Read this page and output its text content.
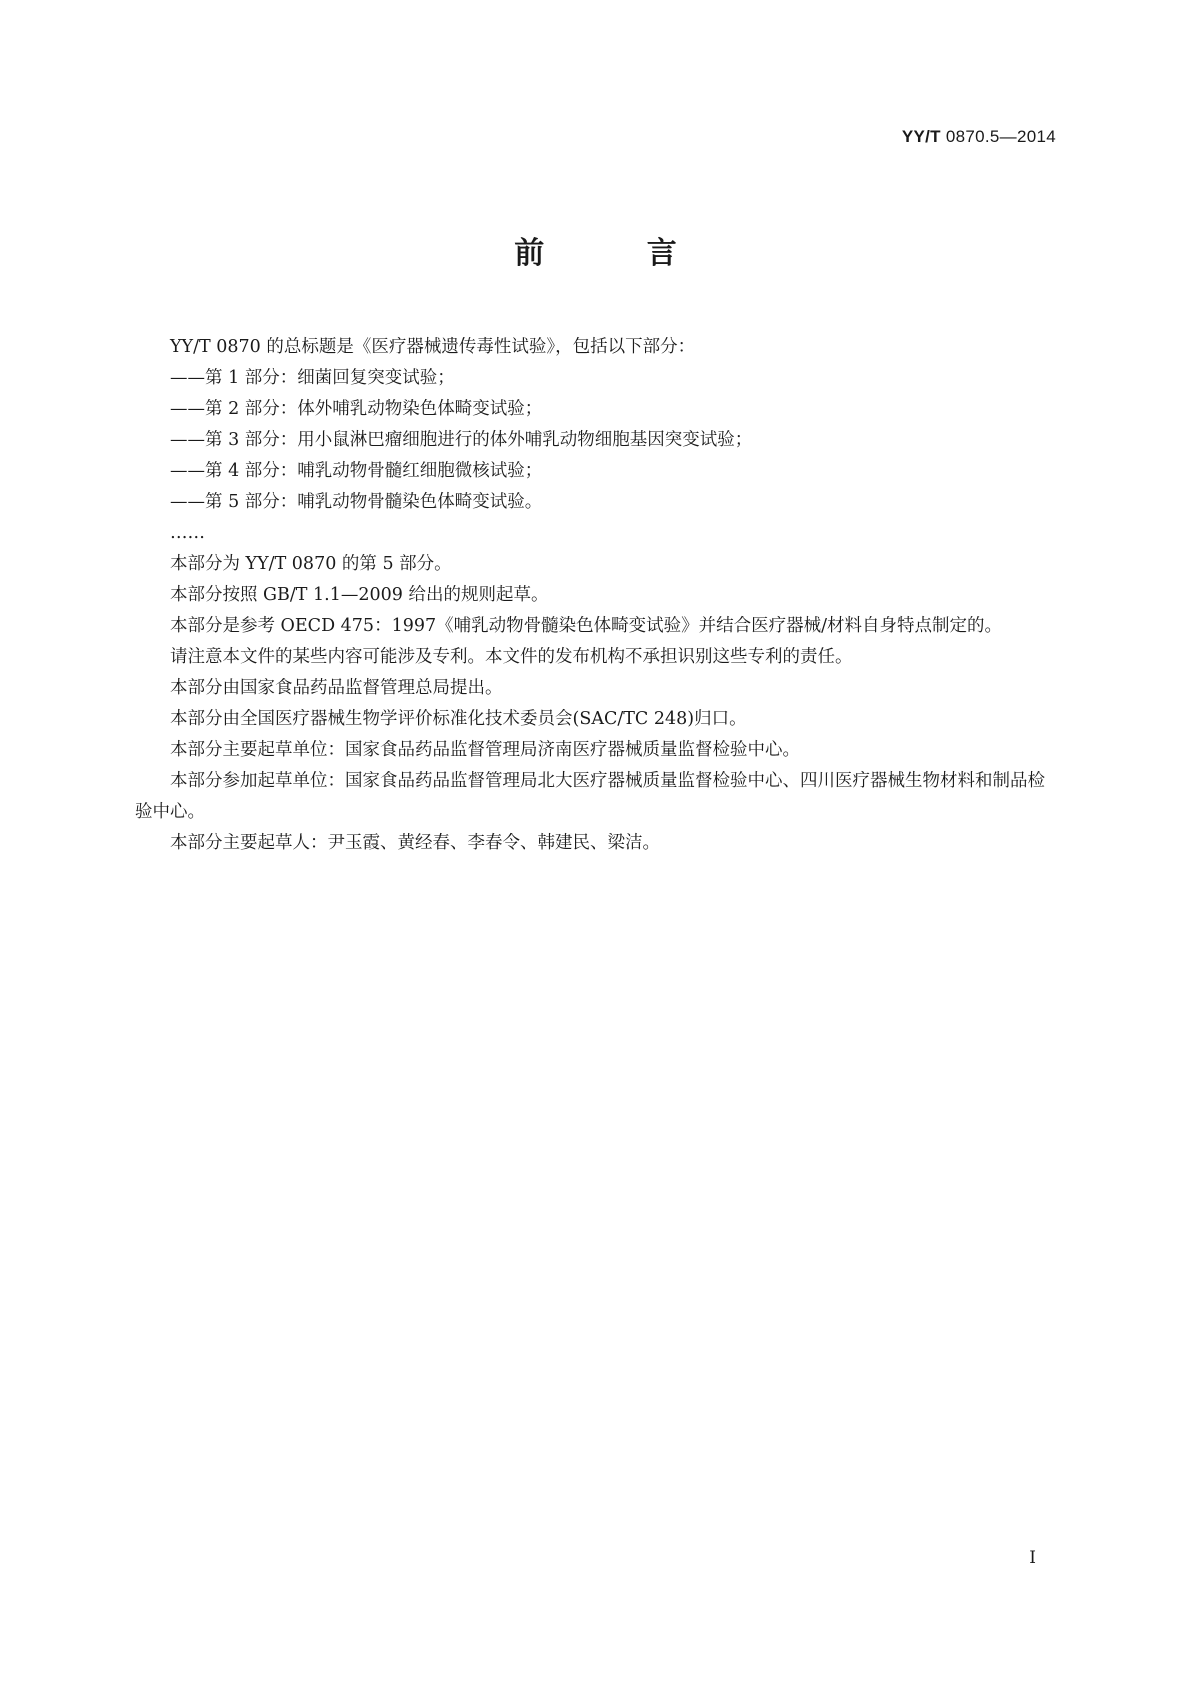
YY/T 0870.5—2014
前 言

YY/T 0870 的总标题是《医疗器械遗传毒性试验》，包括以下部分：

——第 1 部分：细菌回复突变试验；

——第 2 部分：体外哺乳动物染色体畸变试验；

——第 3 部分：用小鼠淋巴瘤细胞进行的体外哺乳动物细胞基因突变试验；

——第 4 部分：哺乳动物骨髓红细胞微核试验；

——第 5 部分：哺乳动物骨髓染色体畸变试验。

……

本部分为 YY/T 0870 的第 5 部分。

本部分按照 GB/T 1.1—2009 给出的规则起草。

本部分是参考 OECD 475：1997《哺乳动物骨髓染色体畸变试验》并结合医疗器械/材料自身特点制定的。

请注意本文件的某些内容可能涉及专利。本文件的发布机构不承担识别这些专利的责任。

本部分由国家食品药品监督管理总局提出。

本部分由全国医疗器械生物学评价标准化技术委员会(SAC/TC 248)归口。

本部分主要起草单位：国家食品药品监督管理局济南医疗器械质量监督检验中心。

本部分参加起草单位：国家食品药品监督管理局北大医疗器械质量监督检验中心、四川医疗器械生物材料和制品检验中心。

本部分主要起草人：尹玉霞、黄经春、李春令、韩建民、梁洁。

I
